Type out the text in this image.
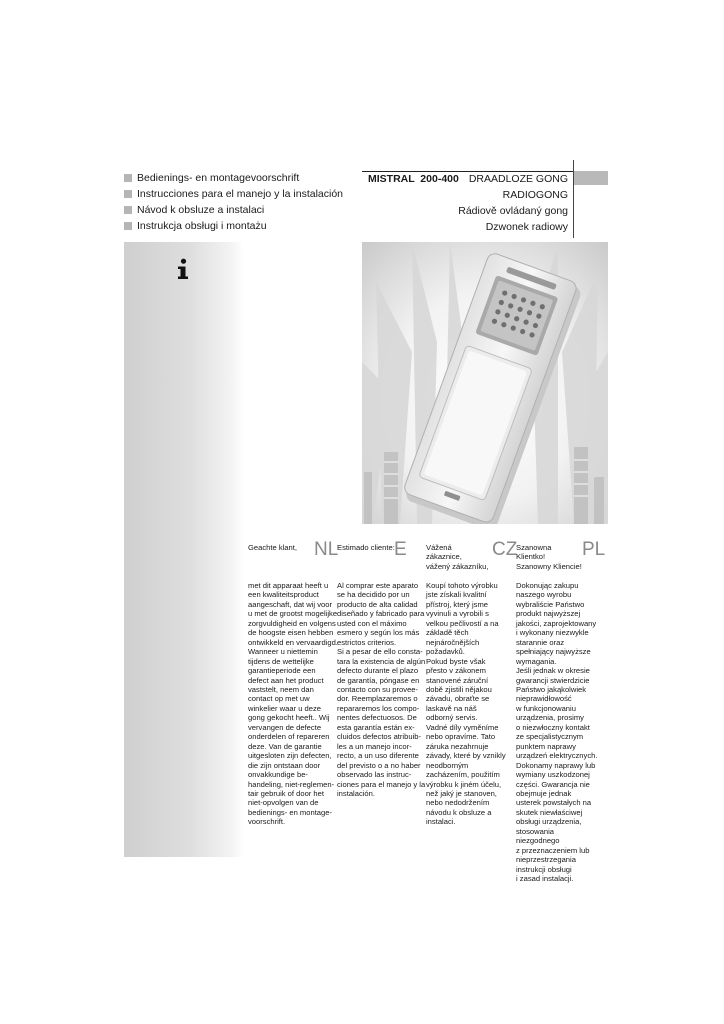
Bedienings- en montagevoorschrift
Instrucciones para el manejo y la instalación
Návod k obsluze a instalaci
Instrukcja obsługi i montażu
MISTRAL  200-400 DRAADLOZE GONG
RADIOGONG
Rádiově ovládaný gong
Dzwonek radiowy
Geachte klant, NL
met dit apparaat heeft u
een kwaliteitsproduct
aangeschaft, dat wij voor
u met de grootst mogelijke
zorgvuldigheid en volgens
de hoogste eisen hebben
ontwikkeld en vervaardigd.
Wanneer u niettemin
tijdens de wettelijke
garantieperiode een
defect aan het product
vaststelt, neem dan
contact op met uw
winkelier waar u deze
gong gekocht heeft.. Wij
vervangen de defecte
onderdelen of repareren
deze. Van de garantie
uitgesloten zijn defecten,
die zijn ontstaan door
onvakkundige be-
handeling, niet-reglemen-
tair gebruik of door het
niet-opvolgen van de
bedienings- en montage-
voorschrift.
Estimado cliente: E
Al comprar este aparato
se ha decidido por un
producto de alta calidad
diseñado y fabricado para
usted con el máximo
esmero y según los más
estrictos criterios.
Si a pesar de ello consta-
tara la existencia de algún
defecto durante el plazo
de garantía, póngase en
contacto con su provee-
dor. Reemplazaremos o
repararemos los compo-
nentes defectuosos. De
esta garantía están ex-
cluidos defectos atribuib-
les a un manejo incor-
recto, a un uso diferente
del previsto o a no haber
observado las instruc-
ciones para el manejo y la
instalación.
Vážená
zákaznice,
vážený zákazníku,
CZ
Koupí tohoto výrobku
jste získali kvalitní
přístroj, který jsme
vyvinuli a vyrobili s
velkou pečlivostí a na
základě těch
nejnáročnějších
požadavků.
Pokud byste však
přesto v zákonem
stanovené záruční
době zjistili nějakou
závadu, obraťte se
laskavě na náš
odborný servis.
Vadné díly vyměníme
nebo opravíme. Tato
záruka nezahrnuje
závady, které by vznikly
neodborným
zacházením, použitím
výrobku k jiném účelu,
než jaký je stanoven,
nebo nedodržením
návodu k obsluze a
instalaci.
Szanowna
Klientko!
Szanowny Kliencie!
PL
Dokonując zakupu
naszego wyrobu
wybraliście Państwo
produkt najwyższej
jakości, zaprojektowany
i wykonany niezwykle
starannie oraz
spełniający najwyższe
wymagania.
Jeśli jednak w okresie
gwarancji stwierdzicie
Państwo jakąkolwiek
nieprawidłowość
w funkcjonowaniu
urządzenia, prosimy
o niezwłoczny kontakt
ze specjalistycznym
punktem naprawy
urządzeń elektrycznych.
Dokonamy naprawy lub
wymiany uszkodzonej
części. Gwarancja nie
obejmuje jednak
usterek powstałych na
skutek niewłaściwej
obsługi urządzenia,
stosowania
niezgodnego
z przeznaczeniem lub
nieprzestrzegania
instrukcji obsługi
i zasad instalacji.
